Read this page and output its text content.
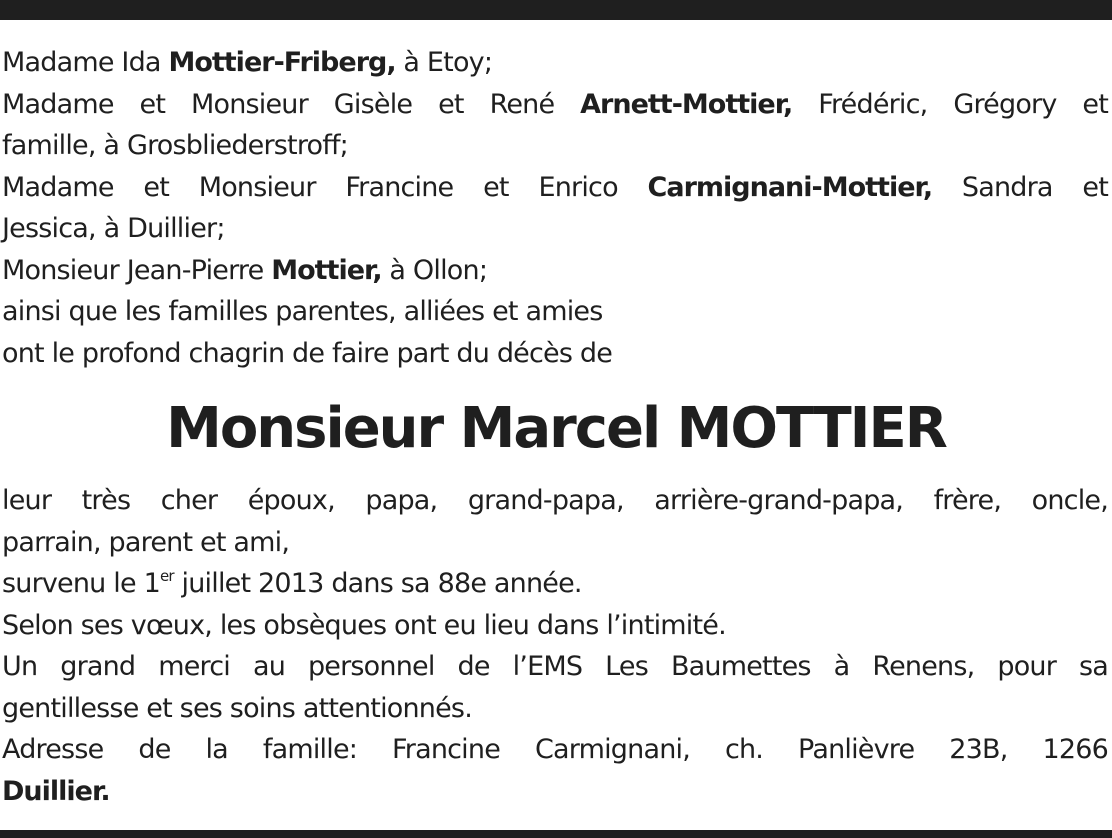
Madame Ida Mottier-Friberg, à Etoy;
Madame et Monsieur Gisèle et René Arnett-Mottier, Frédéric, Grégory et
famille, à Grosbliederstroff;
Madame et Monsieur Francine et Enrico Carmignani-Mottier, Sandra et
Jessica, à Duillier;
Monsieur Jean-Pierre Mottier, à Ollon;
ainsi que les familles parentes, alliées et amies
ont le profond chagrin de faire part du décès de
Monsieur Marcel MOTTIER
leur très cher époux, papa, grand-papa, arrière-grand-papa, frère, oncle,
parrain, parent et ami,
survenu le 1er juillet 2013 dans sa 88e année.
Selon ses vœux, les obsèques ont eu lieu dans l’intimité.
Un grand merci au personnel de l’EMS Les Baumettes à Renens, pour sa
gentillesse et ses soins attentionnés.
Adresse de la famille: Francine Carmignani, ch. Panlièvre 23B, 1266
Duillier.
